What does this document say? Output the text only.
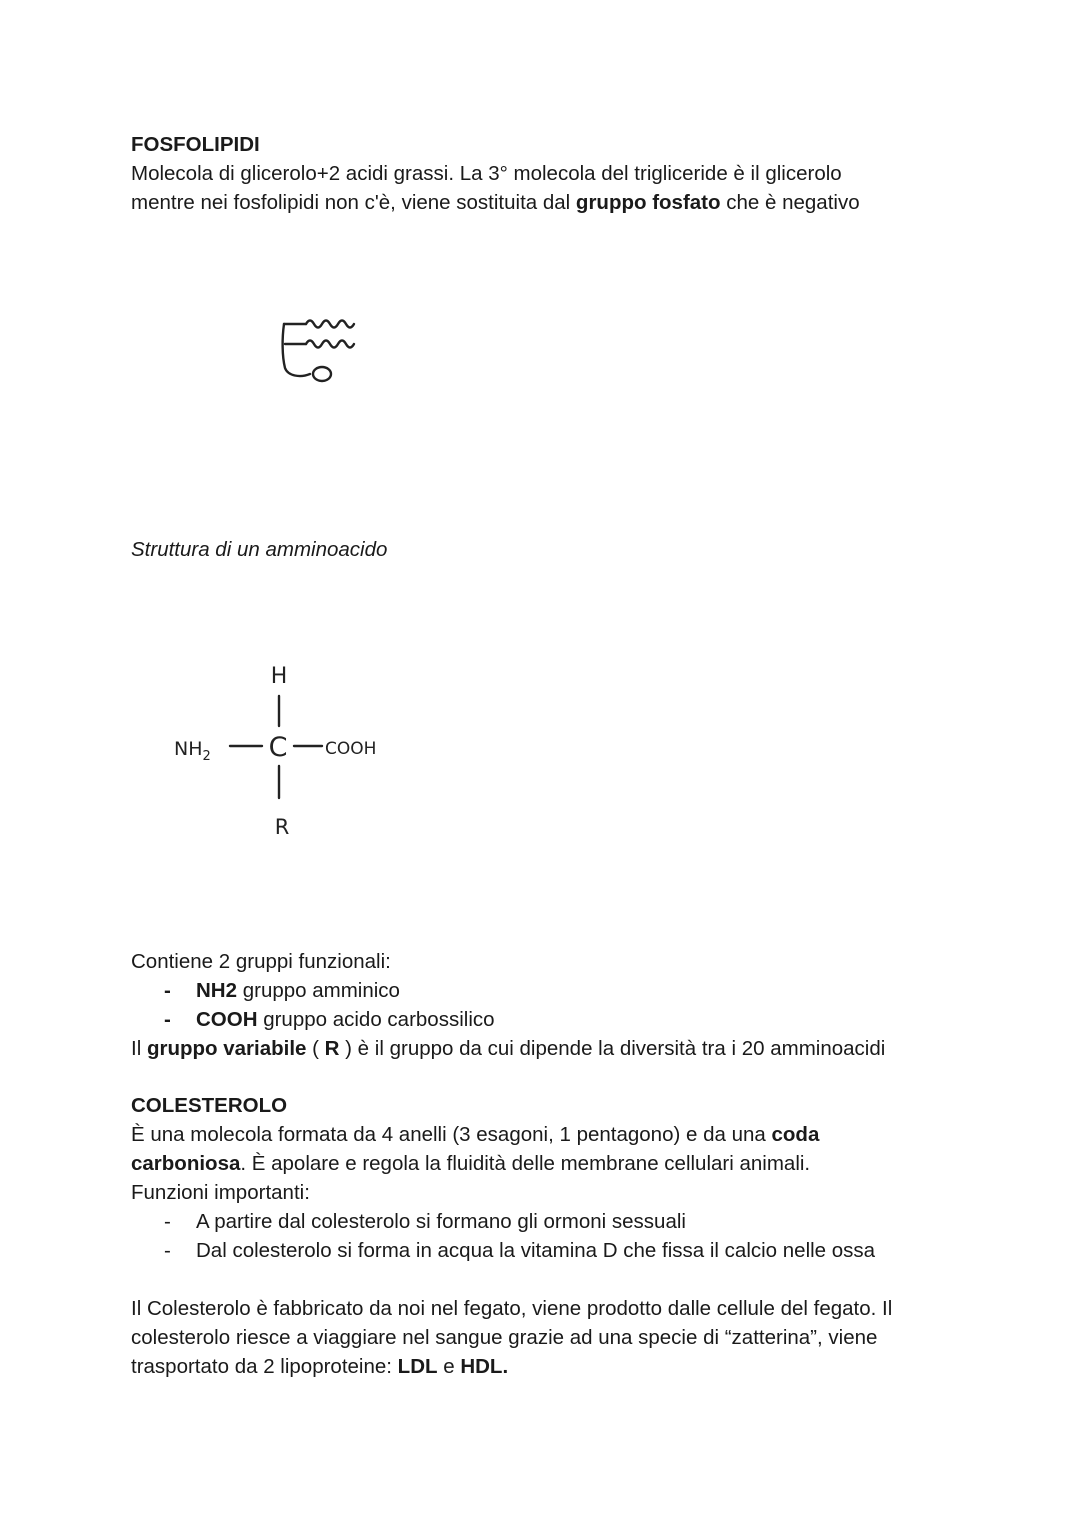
FOSFOLIPIDI

Molecola di glicerolo+2 acidi grassi. La 3° molecola del trigliceride è il glicerolo

mentre nei fosfolipidi non c'è, viene sostituita dal gruppo fosfato che è negativo

Struttura di un amminoacido

H
$NH_2$ C COOH
R

Contiene 2 gruppi funzionali:

- NH2 gruppo amminico
- COOH gruppo acido carbossilico

Il gruppo variabile ( R ) è il gruppo da cui dipende la diversità tra i 20 amminoacidi

COLESTEROLO

È una molecola formata da 4 anelli (3 esagoni, 1 pentagono) e da una coda

carboniosa. È apolare e regola la fluidità delle membrane cellulari animali.

Funzioni importanti:

- A partire dal colesterolo si formano gli ormoni sessuali
- Dal colesterolo si forma in acqua la vitamina D che fissa il calcio nelle ossa

Il Colesterolo è fabbricato da noi nel fegato, viene prodotto dalle cellule del fegato. Il

colesterolo riesce a viaggiare nel sangue grazie ad una specie di “zatterina”, viene

trasportato da 2 lipoproteine: LDL e HDL.
